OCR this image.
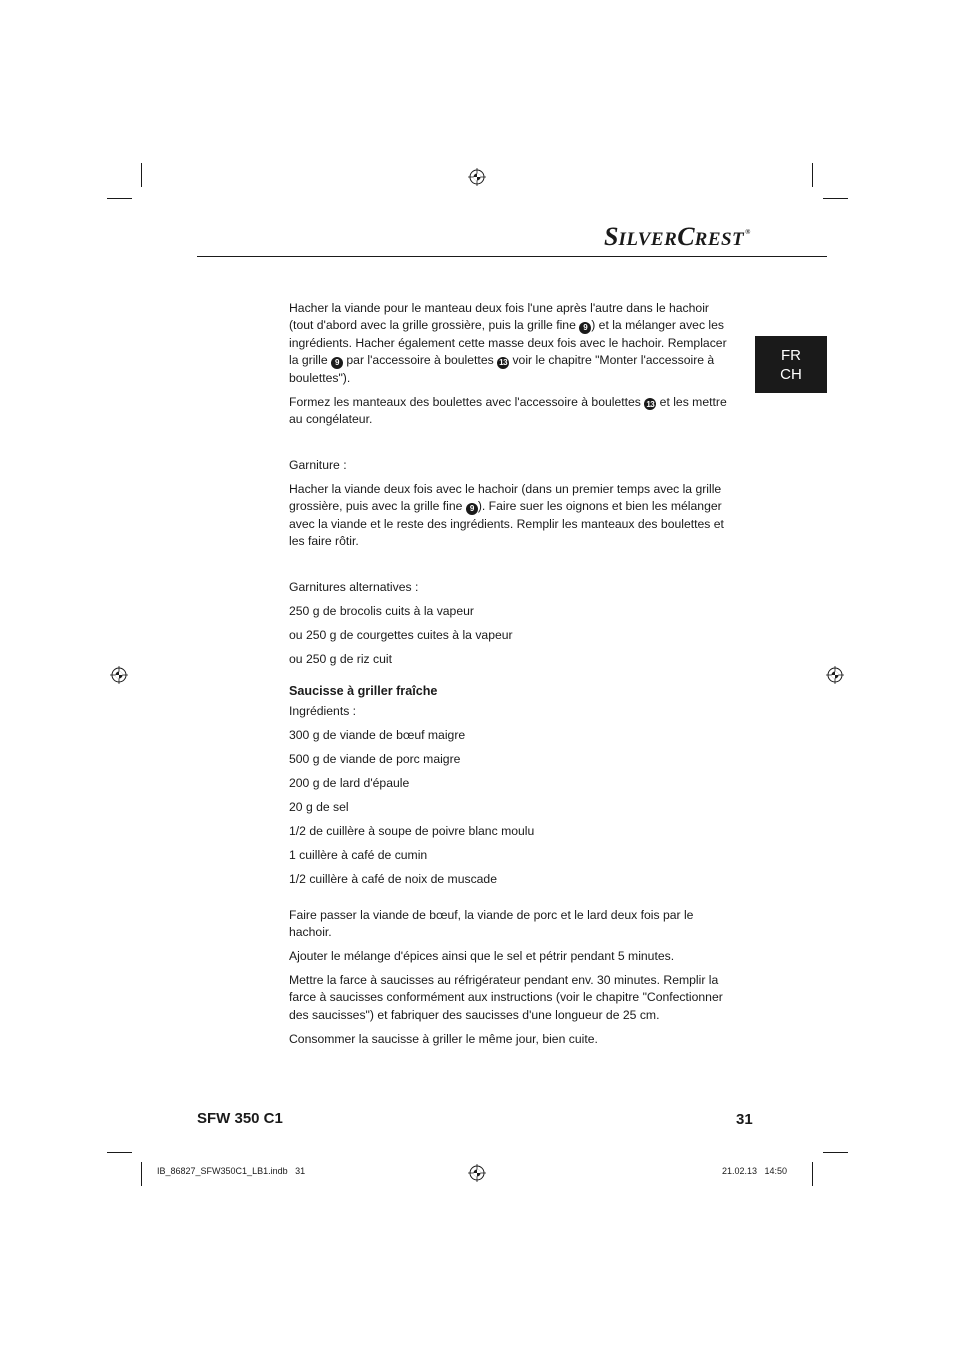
S ILVER C REST ®
FR
CH

Hacher la viande pour le manteau deux fois l'une après l'autre dans le hachoir (tout d'abord avec la grille grossière, puis la grille fine 9 ) et la mélanger avec les ingrédients. Hacher également cette masse deux fois avec le hachoir. Remplacer la grille 9 par l'accessoire à boulettes 13 voir le chapitre "Monter l'accessoire à boulettes").

Formez les manteaux des boulettes avec l'accessoire à boulettes 13 et les mettre au congélateur.

Garniture :

Hacher la viande deux fois avec le hachoir (dans un premier temps avec la grille grossière, puis avec la grille fine 9 ). Faire suer les oignons et bien les mélanger avec la viande et le reste des ingrédients. Remplir les manteaux des boulettes et les faire rôtir.

Garnitures alternatives :

250 g de brocolis cuits à la vapeur

ou 250 g de courgettes cuites à la vapeur

ou 250 g de riz cuit

Saucisse à griller fraîche

Ingrédients :

300 g de viande de bœuf maigre

500 g de viande de porc maigre

200 g de lard d'épaule

20 g de sel

1/2 de cuillère à soupe de poivre blanc moulu

1 cuillère à café de cumin

1/2 cuillère à café de noix de muscade

Faire passer la viande de bœuf, la viande de porc et le lard deux fois par le hachoir.

Ajouter le mélange d'épices ainsi que le sel et pétrir pendant 5 minutes.

Mettre la farce à saucisses au réfrigérateur pendant env. 30 minutes. Remplir la farce à saucisses conformément aux instructions (voir le chapitre "Confectionner des saucisses") et fabriquer des saucisses d'une longueur de 25 cm.

Consommer la saucisse à griller le même jour, bien cuite.

SFW 350 C1	31
IB_86827_SFW350C1_LB1.indb   31	21.02.13   14:50
